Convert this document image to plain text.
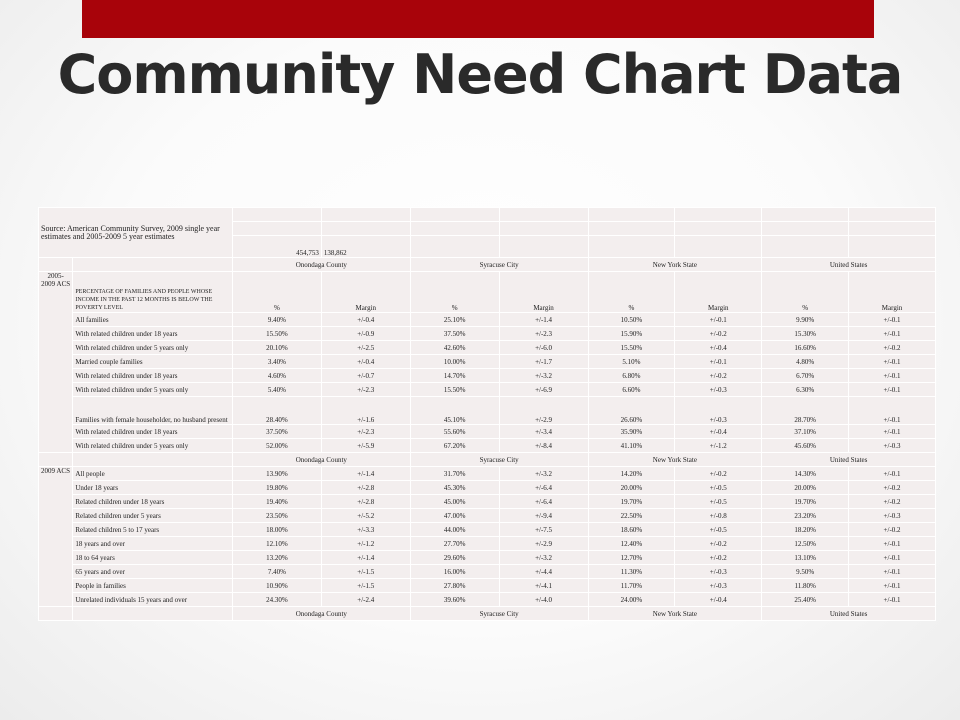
Community Need Chart Data
Source: American Community Survey, 2009 single year estimates and 2005-2009 5 year estimates									

		454,753	138,862						
		Onondaga County		Syracuse City		New York State		United States	
2005-2009 ACS	PERCENTAGE OF FAMILIES AND PEOPLE WHOSE INCOME IN THE PAST 12 MONTHS IS BELOW THE POVERTY LEVEL	%	Margin	%	Margin	%	Margin	%	Margin
	All families	9.40%	+/-0.4	25.10%	+/-1.4	10.50%	+/-0.1	9.90%	+/-0.1
	With related children under 18 years	15.50%	+/-0.9	37.50%	+/-2.3	15.90%	+/-0.2	15.30%	+/-0.1
	With related children under 5 years only	20.10%	+/-2.5	42.60%	+/-6.0	15.50%	+/-0.4	16.60%	+/-0.2
	Married couple families	3.40%	+/-0.4	10.00%	+/-1.7	5.10%	+/-0.1	4.80%	+/-0.1
	With related children under 18 years	4.60%	+/-0.7	14.70%	+/-3.2	6.80%	+/-0.2	6.70%	+/-0.1
	With related children under 5 years only	5.40%	+/-2.3	15.50%	+/-6.9	6.60%	+/-0.3	6.30%	+/-0.1
	Families with female householder, no husband present	28.40%	+/-1.6	45.10%	+/-2.9	26.60%	+/-0.3	28.70%	+/-0.1
	With related children under 18 years	37.50%	+/-2.3	55.60%	+/-3.4	35.90%	+/-0.4	37.10%	+/-0.1
	With related children under 5 years only	52.00%	+/-5.9	67.20%	+/-8.4	41.10%	+/-1.2	45.60%	+/-0.3
		Onondaga County		Syracuse City		New York State		United States	
2009 ACS	All people	13.90%	+/-1.4	31.70%	+/-3.2	14.20%	+/-0.2	14.30%	+/-0.1
	Under 18 years	19.80%	+/-2.8	45.30%	+/-6.4	20.00%	+/-0.5	20.00%	+/-0.2
	Related children under 18 years	19.40%	+/-2.8	45.00%	+/-6.4	19.70%	+/-0.5	19.70%	+/-0.2
	Related children under 5 years	23.50%	+/-5.2	47.00%	+/-9.4	22.50%	+/-0.8	23.20%	+/-0.3
	Related children 5 to 17 years	18.00%	+/-3.3	44.00%	+/-7.5	18.60%	+/-0.5	18.20%	+/-0.2
	18 years and over	12.10%	+/-1.2	27.70%	+/-2.9	12.40%	+/-0.2	12.50%	+/-0.1
	18 to 64 years	13.20%	+/-1.4	29.60%	+/-3.2	12.70%	+/-0.2	13.10%	+/-0.1
	65 years and over	7.40%	+/-1.5	16.00%	+/-4.4	11.30%	+/-0.3	9.50%	+/-0.1
	People in families	10.90%	+/-1.5	27.80%	+/-4.1	11.70%	+/-0.3	11.80%	+/-0.1
	Unrelated individuals 15 years and over	24.30%	+/-2.4	39.60%	+/-4.0	24.00%	+/-0.4	25.40%	+/-0.1
		Onondaga County		Syracuse City		New York State		United States	
